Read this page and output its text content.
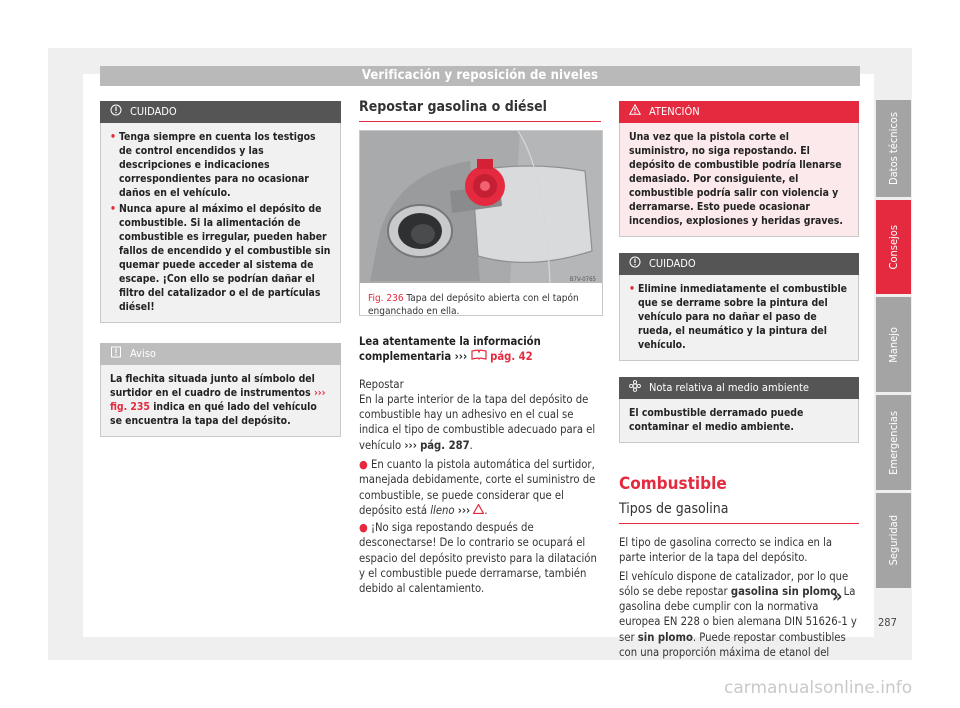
Verificación y reposición de niveles
CUIDADO
• Tenga siempre en cuenta los testigos de control encendidos y las descripciones e indicaciones correspondientes para no ocasionar daños en el vehículo.
• Nunca apure al máximo el depósito de combustible. Si la alimentación de combustible es irregular, pueden haber fallos de encendido y el combustible sin quemar puede acceder al sistema de escape. ¡Con ello se podrían dañar el filtro del catalizador o el de partículas diésel!
Aviso
La flechita situada junto al símbolo del surtidor en el cuadro de instrumentos ››› fig. 235 indica en qué lado del vehículo se encuentra la tapa del depósito.
Repostar gasolina o diésel
B7V-0765
Fig. 236 Tapa del depósito abierta con el tapón enganchado en ella.
Lea atentamente la información complementaria ››› pág. 42
Repostar
En la parte interior de la tapa del depósito de combustible hay un adhesivo en el cual se indica el tipo de combustible adecuado para el vehículo ››› pág. 287.
● En cuanto la pistola automática del surtidor, manejada debidamente, corte el suministro de combustible, se puede considerar que el depósito está lleno ››› .
● ¡No siga repostando después de desconectarse! De lo contrario se ocupará el espacio del depósito previsto para la dilatación y el combustible puede derramarse, también debido al calentamiento.
ATENCIÓN
Una vez que la pistola corte el suministro, no siga repostando. El depósito de combustible podría llenarse demasiado. Por consiguiente, el combustible podría salir con violencia y derramarse. Esto puede ocasionar incendios, explosiones y heridas graves.
CUIDADO
• Elimine inmediatamente el combustible que se derrame sobre la pintura del vehículo para no dañar el paso de rueda, el neumático y la pintura del vehículo.
Nota relativa al medio ambiente
El combustible derramado puede contaminar el medio ambiente.
Combustible
Tipos de gasolina
El tipo de gasolina correcto se indica en la parte interior de la tapa del depósito.
El vehículo dispone de catalizador, por lo que sólo se debe repostar gasolina sin plomo. La gasolina debe cumplir con la normativa europea EN 228 o bien alemana DIN 51626-1 y ser sin plomo. Puede repostar combustibles con una proporción máxima de etanol del
»
Datos técnicos
Consejos
Manejo
Emergencias
Seguridad
287
carmanualsonline.info
